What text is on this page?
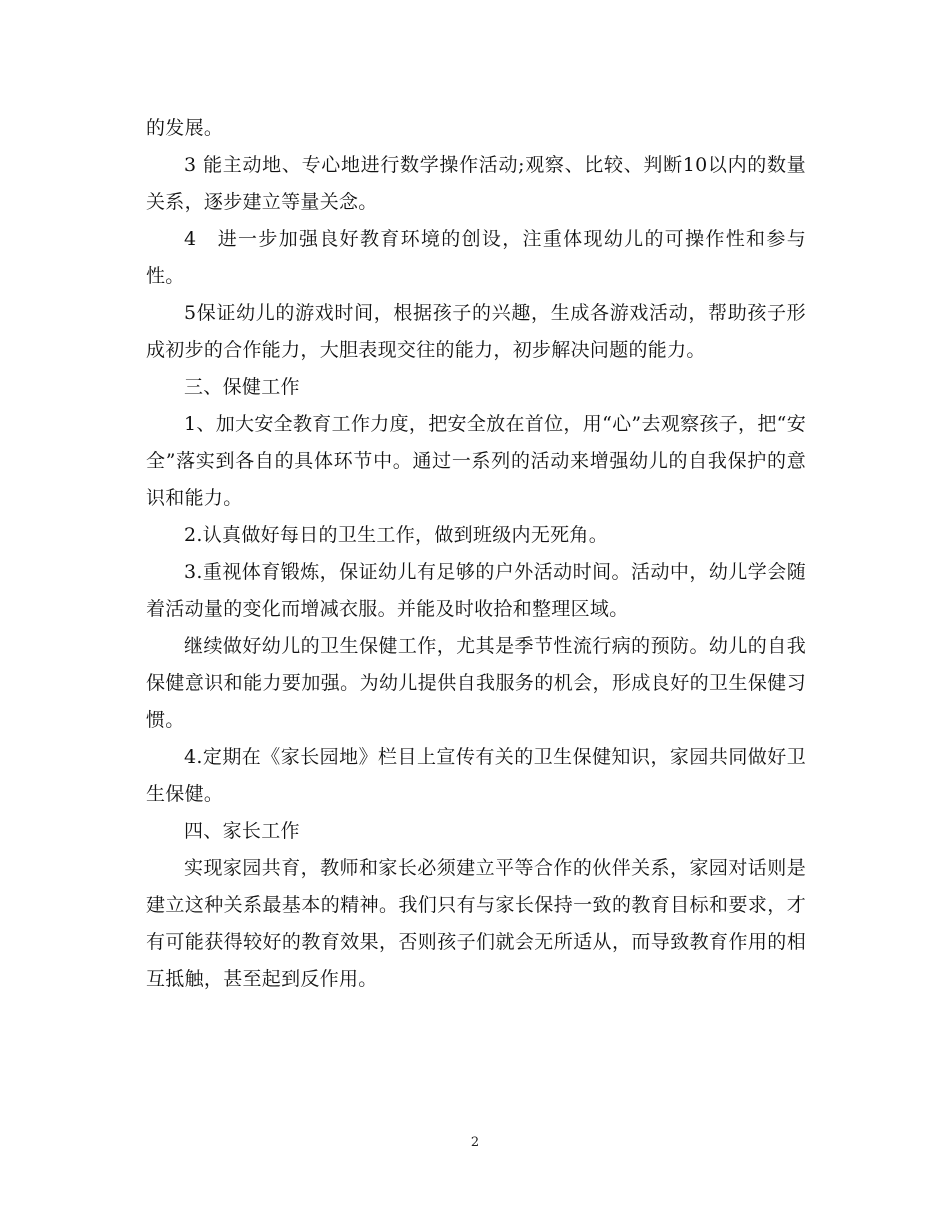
的发展。

3 能主动地、专心地进行数学操作活动;观察、比较、判断10以内的数量关系，逐步建立等量关念。

4　进一步加强良好教育环境的创设，注重体现幼儿的可操作性和参与性。

5保证幼儿的游戏时间，根据孩子的兴趣，生成各游戏活动，帮助孩子形成初步的合作能力，大胆表现交往的能力，初步解决问题的能力。

三、保健工作

1、加大安全教育工作力度，把安全放在首位，用“心”去观察孩子，把“安全”落实到各自的具体环节中。通过一系列的活动来增强幼儿的自我保护的意识和能力。

2.认真做好每日的卫生工作，做到班级内无死角。

3.重视体育锻炼，保证幼儿有足够的户外活动时间。活动中，幼儿学会随着活动量的变化而增减衣服。并能及时收拾和整理区域。

继续做好幼儿的卫生保健工作，尤其是季节性流行病的预防。幼儿的自我保健意识和能力要加强。为幼儿提供自我服务的机会，形成良好的卫生保健习惯。

4.定期在《家长园地》栏目上宣传有关的卫生保健知识，家园共同做好卫生保健。

四、家长工作

实现家园共育，教师和家长必须建立平等合作的伙伴关系，家园对话则是建立这种关系最基本的精神。我们只有与家长保持一致的教育目标和要求，才有可能获得较好的教育效果，否则孩子们就会无所适从，而导致教育作用的相互抵触，甚至起到反作用。

2
